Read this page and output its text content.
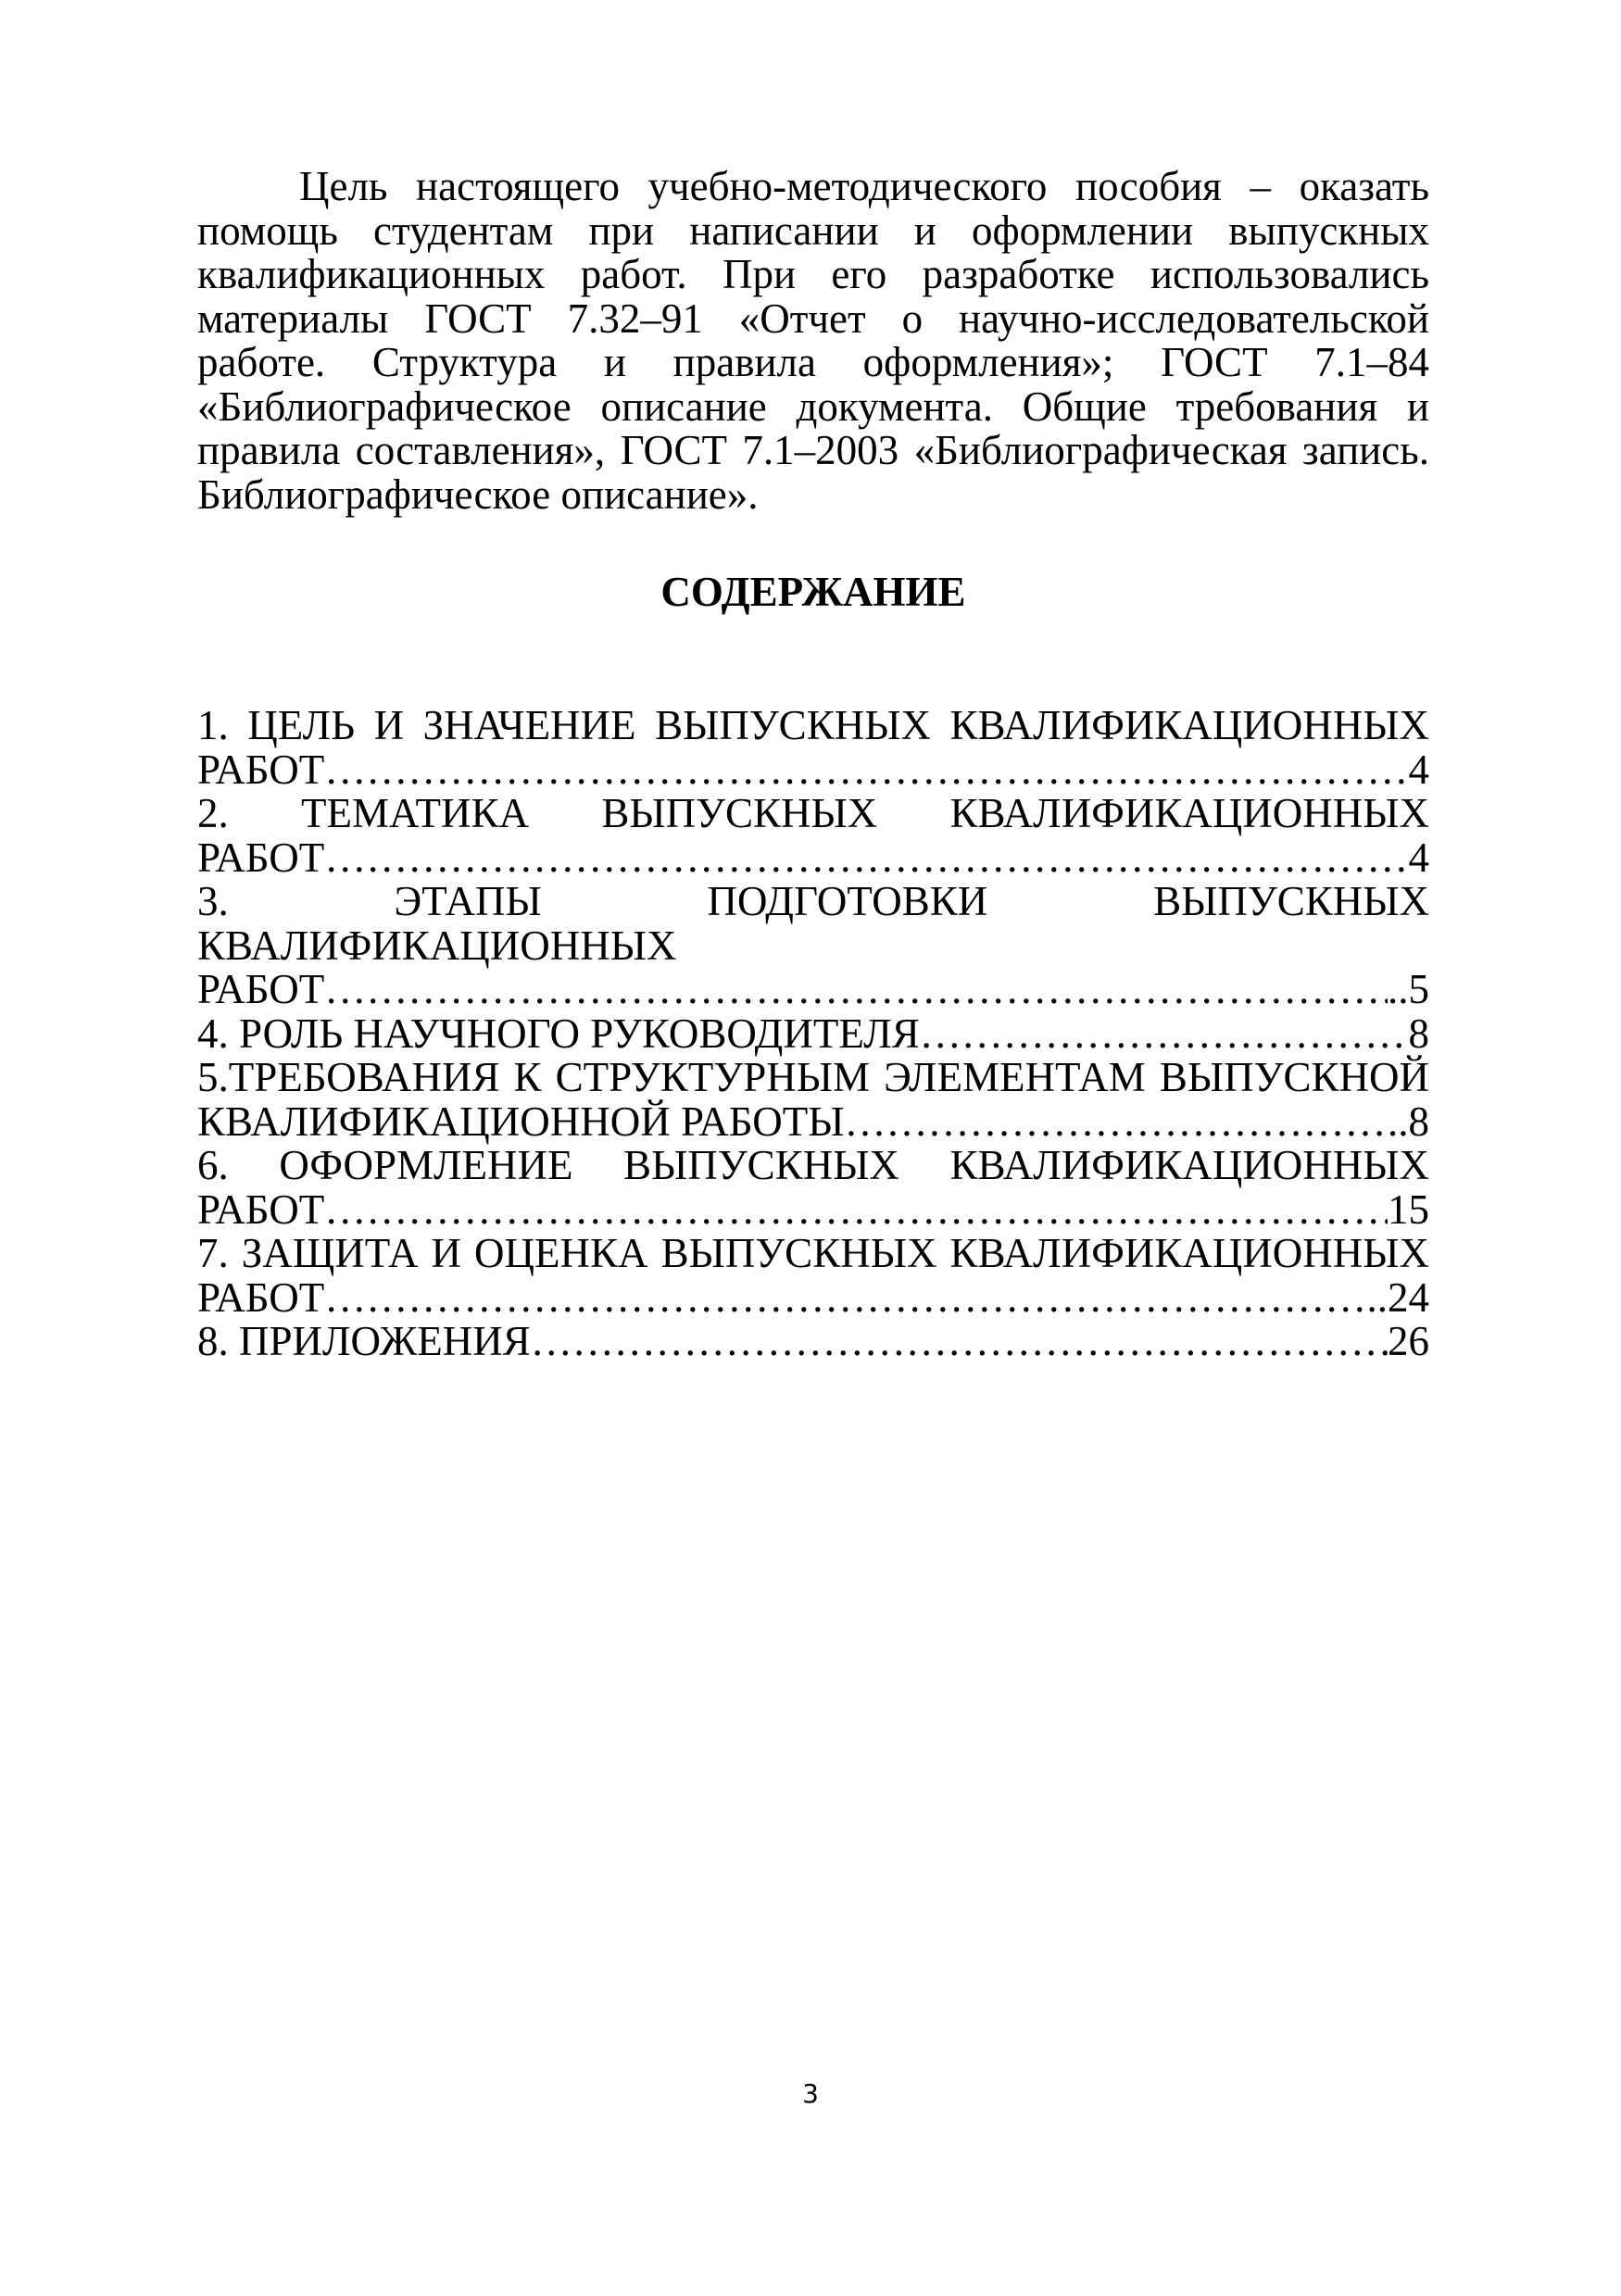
Цель настоящего учебно-методического пособия – оказать помощь студентам при написании и оформлении выпускных квалификационных работ. При его разработке использовались материалы ГОСТ 7.32–91 «Отчет о научно-исследовательской работе. Структура и правила оформления»; ГОСТ 7.1–84 «Библиографическое описание документа. Общие требования и правила составления», ГОСТ 7.1–2003 «Библиографическая запись. Библиографическое описание».

СОДЕРЖАНИЕ
1. ЦЕЛЬ И ЗНАЧЕНИЕ ВЫПУСКНЫХ КВАЛИФИКАЦИОННЫХ
РАБОТ ……………………………………………………………………………………………………………………………………………………………………	4
2. ТЕМАТИКА ВЫПУСКНЫХ КВАЛИФИКАЦИОННЫХ
РАБОТ ……………………………………………………………………………………………………………………………………………………………………	4
3. ЭТАПЫ ПОДГОТОВКИ ВЫПУСКНЫХ КВАЛИФИКАЦИОННЫХ
РАБОТ ……………………………………………………………………………………………………………………………………………………………………	..5
4. РОЛЬ НАУЧНОГО РУКОВОДИТЕЛЯ ……………………………………………………………………………………………………………………………………………………………………	8
5.ТРЕБОВАНИЯ К СТРУКТУРНЫМ ЭЛЕМЕНТАМ ВЫПУСКНОЙ
КВАЛИФИКАЦИОННОЙ РАБОТЫ ……………………………………………………………………………………………………………………………………………………………………	..8
6. ОФОРМЛЕНИЕ ВЫПУСКНЫХ КВАЛИФИКАЦИОННЫХ
РАБОТ ……………………………………………………………………………………………………………………………………………………………………	15
7. ЗАЩИТА И ОЦЕНКА ВЫПУСКНЫХ КВАЛИФИКАЦИОННЫХ
РАБОТ ……………………………………………………………………………………………………………………………………………………………………	..24
8. ПРИЛОЖЕНИЯ ……………………………………………………………………………………………………………………………………………………………………	26
3
